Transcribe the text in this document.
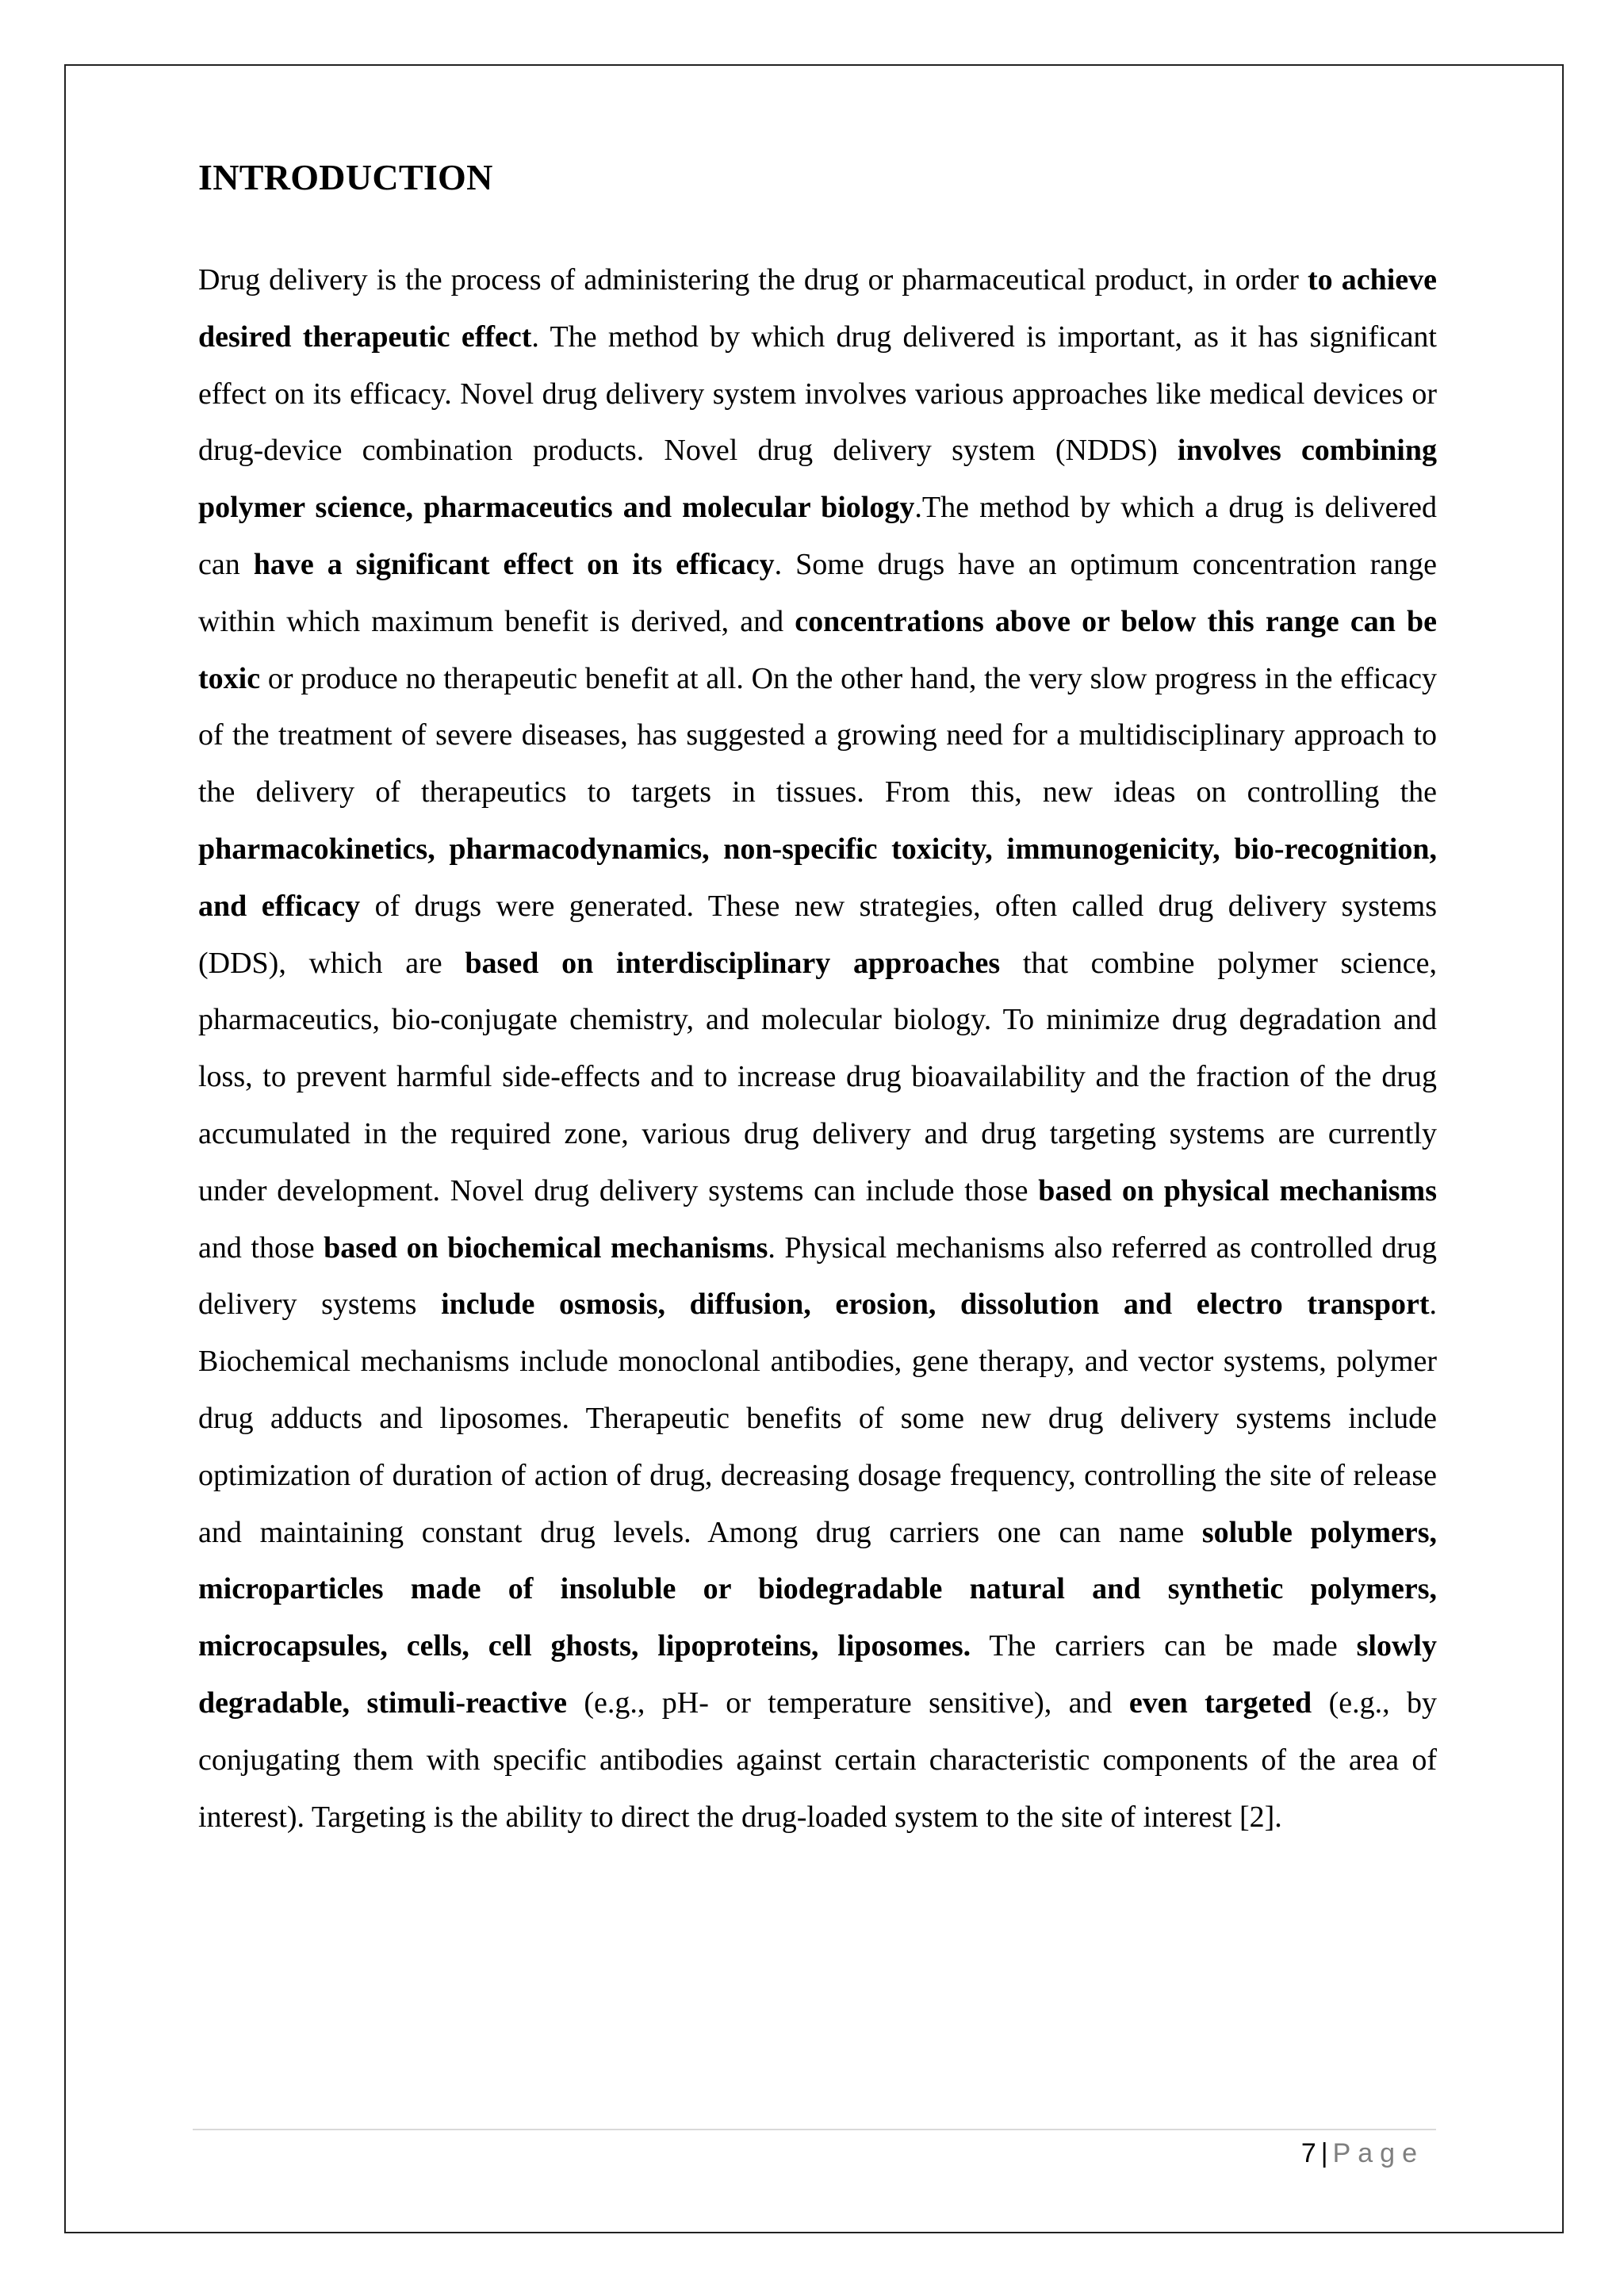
INTRODUCTION

Drug delivery is the process of administering the drug or pharmaceutical product, in order to achieve desired therapeutic effect. The method by which drug delivered is important, as it has significant effect on its efficacy. Novel drug delivery system involves various approaches like medical devices or drug-device combination products. Novel drug delivery system (NDDS) involves combining polymer science, pharmaceutics and molecular biology.The method by which a drug is delivered can have a significant effect on its efficacy. Some drugs have an optimum concentration range within which maximum benefit is derived, and concentrations above or below this range can be toxic or produce no therapeutic benefit at all. On the other hand, the very slow progress in the efficacy of the treatment of severe diseases, has suggested a growing need for a multidisciplinary approach to the delivery of therapeutics to targets in tissues. From this, new ideas on controlling the pharmacokinetics, pharmacodynamics, non-specific toxicity, immunogenicity, bio-recognition, and efficacy of drugs were generated. These new strategies, often called drug delivery systems (DDS), which are based on interdisciplinary approaches that combine polymer science, pharmaceutics, bio-conjugate chemistry, and molecular biology. To minimize drug degradation and loss, to prevent harmful side-effects and to increase drug bioavailability and the fraction of the drug accumulated in the required zone, various drug delivery and drug targeting systems are currently under development. Novel drug delivery systems can include those based on physical mechanisms and those based on biochemical mechanisms. Physical mechanisms also referred as controlled drug delivery systems include osmosis, diffusion, erosion, dissolution and electro transport. Biochemical mechanisms include monoclonal antibodies, gene therapy, and vector systems, polymer drug adducts and liposomes. Therapeutic benefits of some new drug delivery systems include optimization of duration of action of drug, decreasing dosage frequency, controlling the site of release and maintaining constant drug levels. Among drug carriers one can name soluble polymers, microparticles made of insoluble or biodegradable natural and synthetic polymers, microcapsules, cells, cell ghosts, lipoproteins, liposomes. The carriers can be made slowly degradable, stimuli-reactive (e.g., pH- or temperature sensitive), and even targeted (e.g., by conjugating them with specific antibodies against certain characteristic components of the area of interest). Targeting is the ability to direct the drug-loaded system to the site of interest [2].

7 | Page
